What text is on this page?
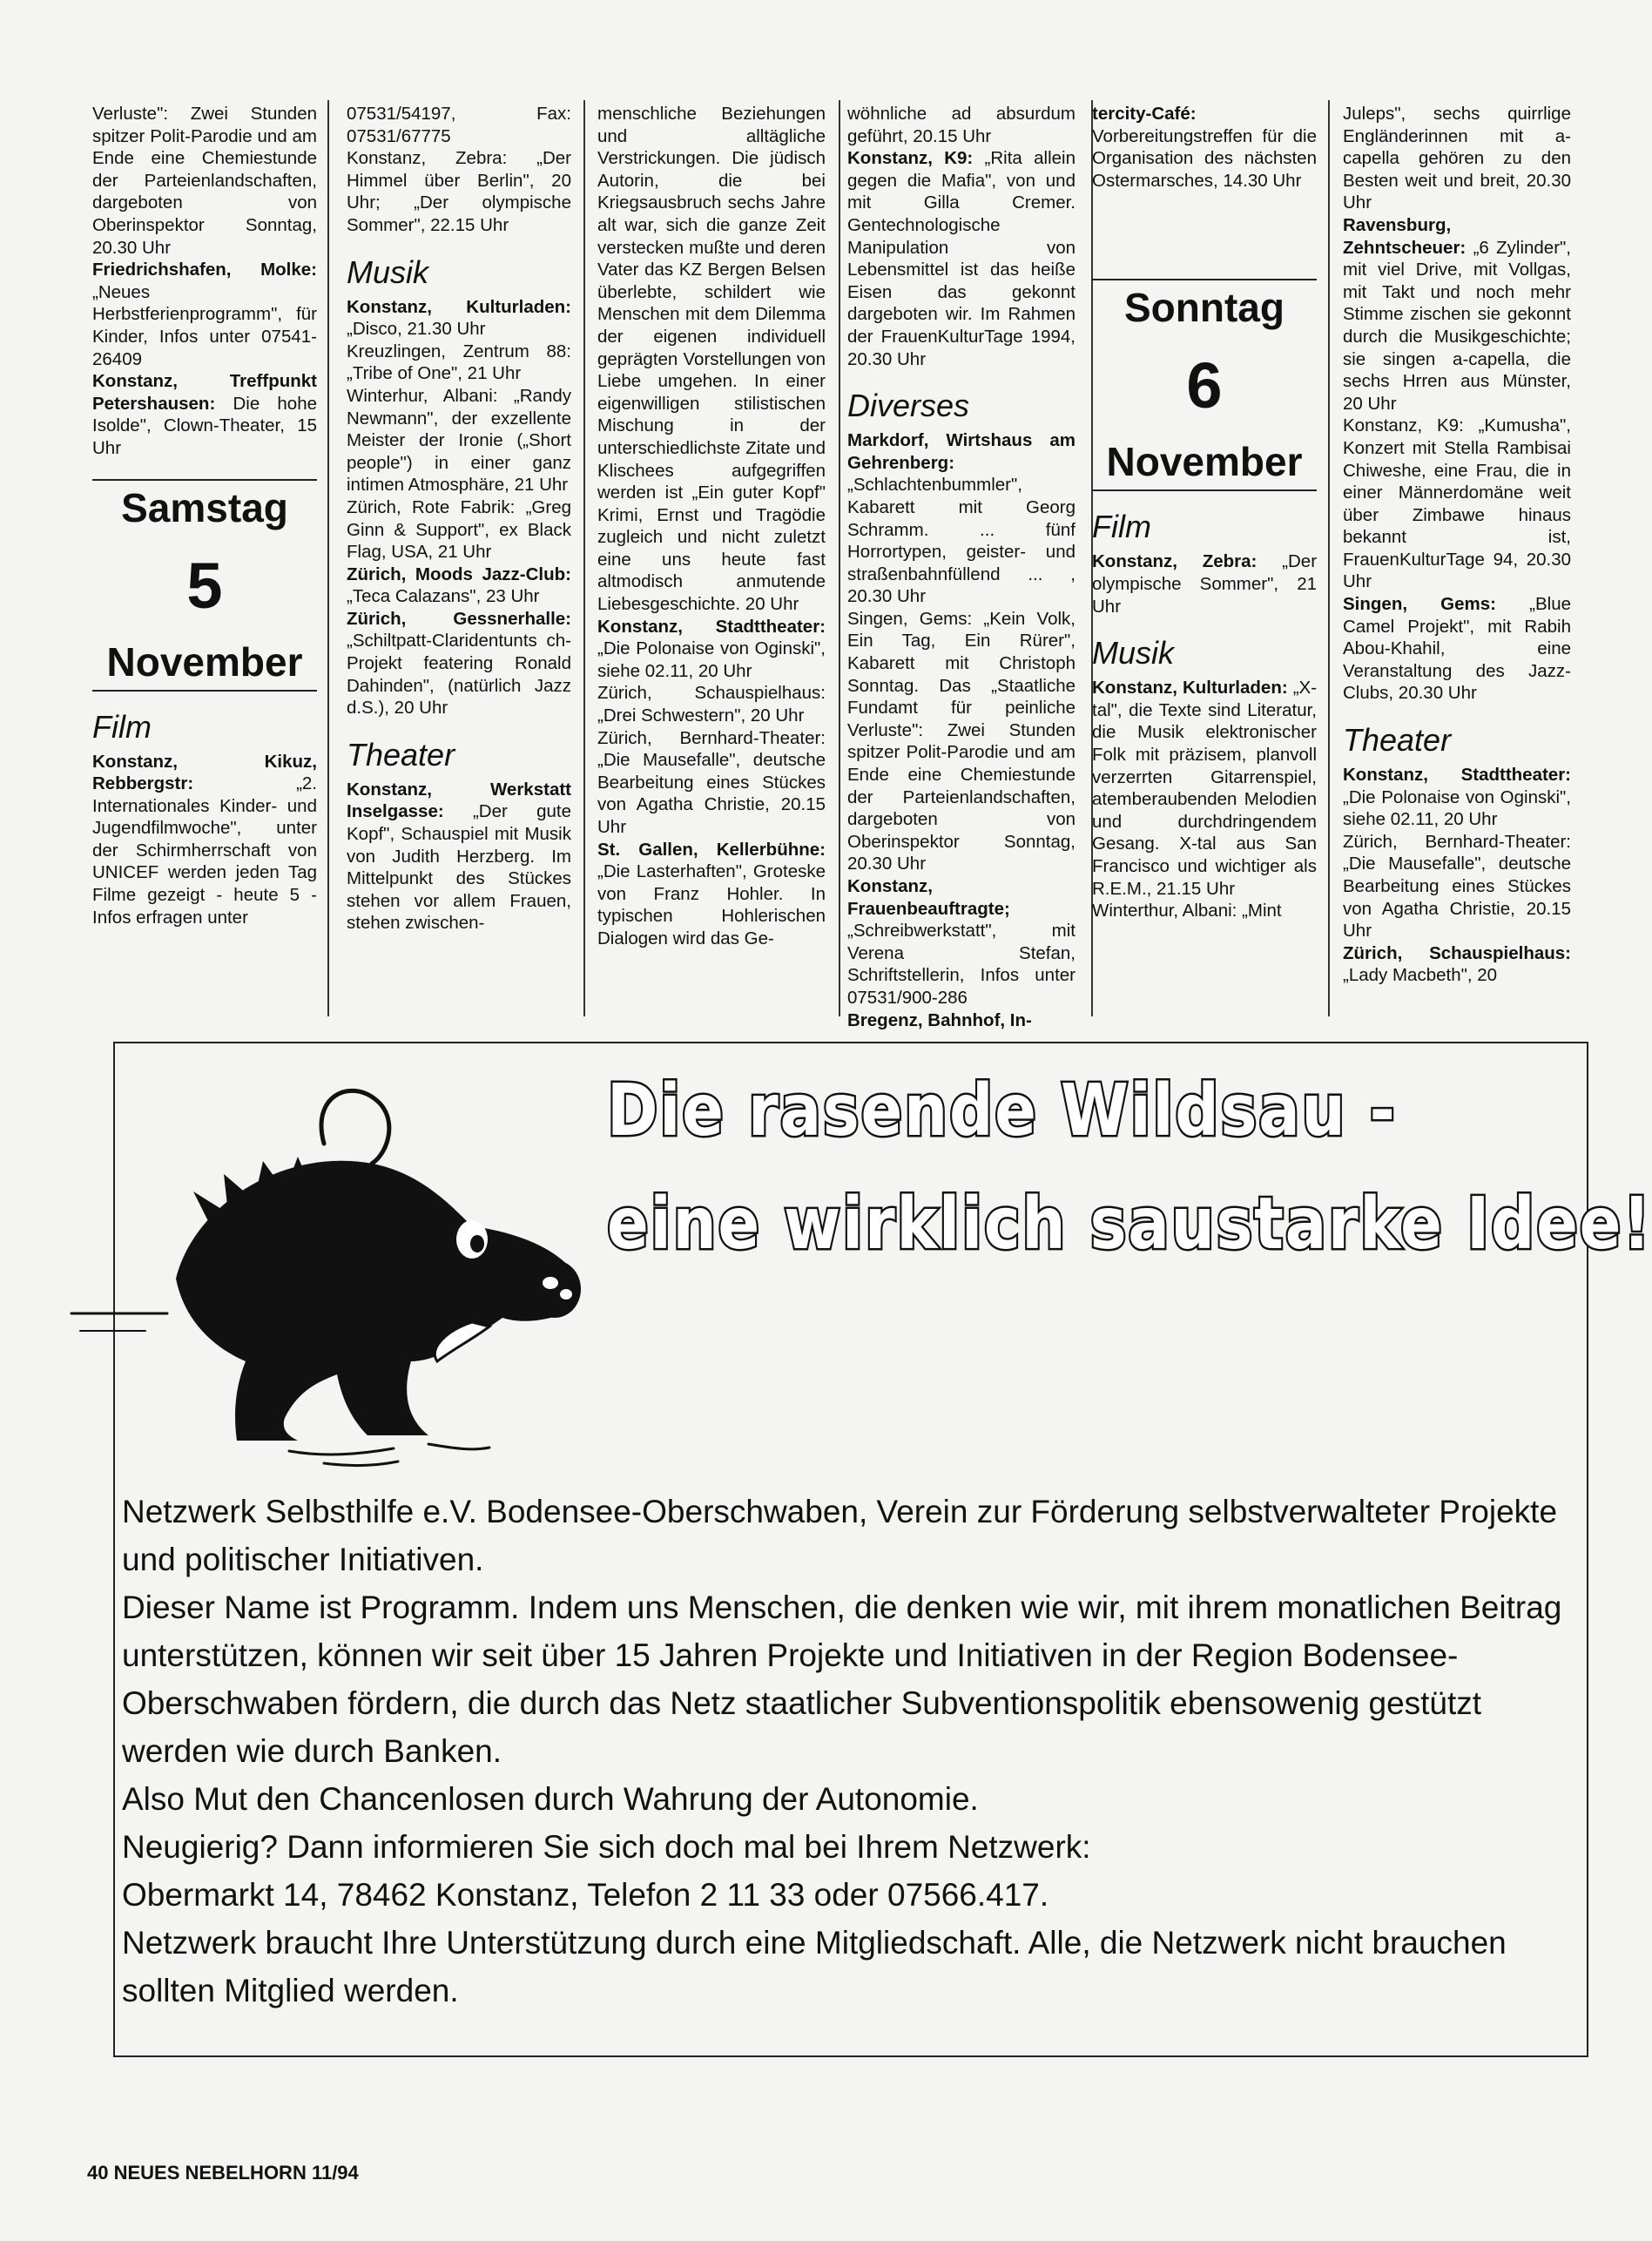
Verluste": Zwei Stunden spitzer Polit-Parodie und am Ende eine Chemiestunde der Parteienlandschaften, dargeboten von Oberinspektor Sonntag, 20.30 Uhr

Friedrichshafen, Molke: „Neues Herbstferienprogramm", für Kinder, Infos unter 07541-26409

Konstanz, Treffpunkt Petershausen: Die hohe Isolde", Clown-Theater, 15 Uhr

Samstag
5
November
Film

Konstanz, Kikuz, Rebbergstr:	„2. Internationales Kinder- und Jugendfilmwoche", unter der Schirmherrschaft von UNICEF werden jeden Tag Filme gezeigt - heute 5 - Infos erfragen unter

07531/54197, Fax: 07531/67775

Konstanz, Zebra: „Der Himmel über Berlin", 20 Uhr; „Der olympische Sommer", 22.15 Uhr

Musik

Konstanz, Kulturladen: „Disco, 21.30 Uhr

Kreuzlingen, Zentrum 88: „Tribe of One", 21 Uhr

Winterhur, Albani: „Randy Newmann", der exzellente Meister der Ironie („Short people") in einer ganz intimen Atmosphäre, 21 Uhr

Zürich, Rote Fabrik: „Greg Ginn & Support", ex Black Flag, USA, 21 Uhr

Zürich, Moods Jazz-Club: „Teca Calazans", 23 Uhr

Zürich, Gessnerhalle: „Schiltpatt-Claridentunts ch-Projekt featering Ronald Dahinden", (natürlich Jazz d.S.), 20 Uhr

Theater

Konstanz, Werkstatt Inselgasse: „Der gute Kopf", Schauspiel mit Musik von Judith Herzberg. Im Mittelpunkt des Stückes stehen vor allem Frauen, stehen zwischen-

menschliche Beziehungen und alltägliche Verstrickungen. Die jüdisch Autorin, die bei Kriegsausbruch sechs Jahre alt war, sich die ganze Zeit verstecken mußte und deren Vater das KZ Bergen Belsen überlebte, schildert wie Menschen mit dem Dilemma der eigenen individuell geprägten Vorstellungen von Liebe umgehen. In einer eigenwilligen stilistischen Mischung in der unterschiedlichste Zitate und Klischees aufgegriffen werden ist „Ein guter Kopf" Krimi, Ernst und Tragödie zugleich und nicht zuletzt eine uns heute fast altmodisch anmutende Liebesgeschichte. 20 Uhr

Konstanz, Stadttheater: „Die Polonaise von Oginski", siehe 02.11, 20 Uhr

Zürich, Schauspielhaus: „Drei Schwestern", 20 Uhr

Zürich, Bernhard-Theater: „Die Mausefalle", deutsche Bearbeitung eines Stückes von Agatha Christie, 20.15 Uhr

St. Gallen, Kellerbühne: „Die Lasterhaften", Groteske von Franz Hohler. In typischen Hohlerischen Dialogen wird das Ge-

wöhnliche ad absurdum geführt, 20.15 Uhr

Konstanz, K9: „Rita allein gegen die Mafia", von und mit Gilla Cremer. Gentechnologische Manipulation von Lebensmittel ist das heiße Eisen das gekonnt dargeboten wir. Im Rahmen der FrauenKulturTage 1994, 20.30 Uhr

Diverses

Markdorf, Wirtshaus am Gehrenberg: „Schlachtenbummler", Kabarett mit Georg Schramm. ... fünf Horrortypen, geister- und straßenbahnfüllend ... , 20.30 Uhr

Singen, Gems: „Kein Volk, Ein Tag, Ein Rürer", Kabarett mit Christoph Sonntag. Das „Staatliche Fundamt für peinliche Verluste": Zwei Stunden spitzer Polit-Parodie und am Ende eine Chemiestunde der Parteienlandschaften, dargeboten von Oberinspektor Sonntag, 20.30 Uhr

Konstanz, Frauenbeauftragte; „Schreibwerkstatt", mit Verena Stefan, Schriftstellerin, Infos unter 07531/900-286

Bregenz, Bahnhof, In-

tercity-Café: Vorbereitungstreffen für die Organisation des nächsten Ostermarsches, 14.30 Uhr

Sonntag
6
November
Film

Konstanz, Zebra: „Der olympische Sommer", 21 Uhr

Musik

Konstanz, Kulturladen: „X-tal", die Texte sind Literatur, die Musik elektronischer Folk mit präzisem, planvoll verzerrten Gitarrenspiel, atemberaubenden Melodien und durchdringendem Gesang. X-tal aus San Francisco und wichtiger als R.E.M., 21.15 Uhr

Winterthur, Albani: „Mint

Juleps", sechs quirrlige Engländerinnen mit a-capella gehören zu den Besten weit und breit, 20.30 Uhr

Ravensburg, Zehntscheuer: „6 Zylinder", mit viel Drive, mit Vollgas, mit Takt und noch mehr Stimme zischen sie gekonnt durch die Musikgeschichte; sie singen a-capella, die sechs Hrren aus Münster, 20 Uhr

Konstanz, K9: „Kumusha", Konzert mit Stella Rambisai Chiweshe, eine Frau, die in einer Männerdomäne weit über Zimbawe hinaus bekannt ist, FrauenKulturTage 94, 20.30 Uhr

Singen, Gems: „Blue Camel Projekt", mit Rabih Abou-Khahil, eine Veranstaltung des Jazz-Clubs, 20.30 Uhr

Theater

Konstanz, Stadttheater: „Die Polonaise von Oginski", siehe 02.11, 20 Uhr

Zürich, Bernhard-Theater: „Die Mausefalle", deutsche Bearbeitung eines Stückes von Agatha Christie, 20.15 Uhr

Zürich, Schauspielhaus: „Lady Macbeth", 20

Die rasende Wildsau -
eine wirklich saustarke Idee!

Netzwerk Selbsthilfe e.V. Bodensee-Oberschwaben, Verein zur Förderung selbstverwalteter Projekte und politischer Initiativen.

Dieser Name ist Programm. Indem uns Menschen, die denken wie wir, mit ihrem monatlichen Beitrag unterstützen, können wir seit über 15 Jahren Projekte und Initiativen in der Region Bodensee-Oberschwaben fördern, die durch das Netz staatlicher Subventionspolitik ebensowenig gestützt werden wie durch Banken.

Also Mut den Chancenlosen durch Wahrung der Autonomie.

Neugierig? Dann informieren Sie sich doch mal bei Ihrem Netzwerk:

Obermarkt 14, 78462 Konstanz, Telefon 2 11 33 oder 07566.417.

Netzwerk braucht Ihre Unterstützung durch eine Mitgliedschaft. Alle, die Netzwerk nicht brauchen sollten Mitglied werden.

40 NEUES NEBELHORN 11/94
